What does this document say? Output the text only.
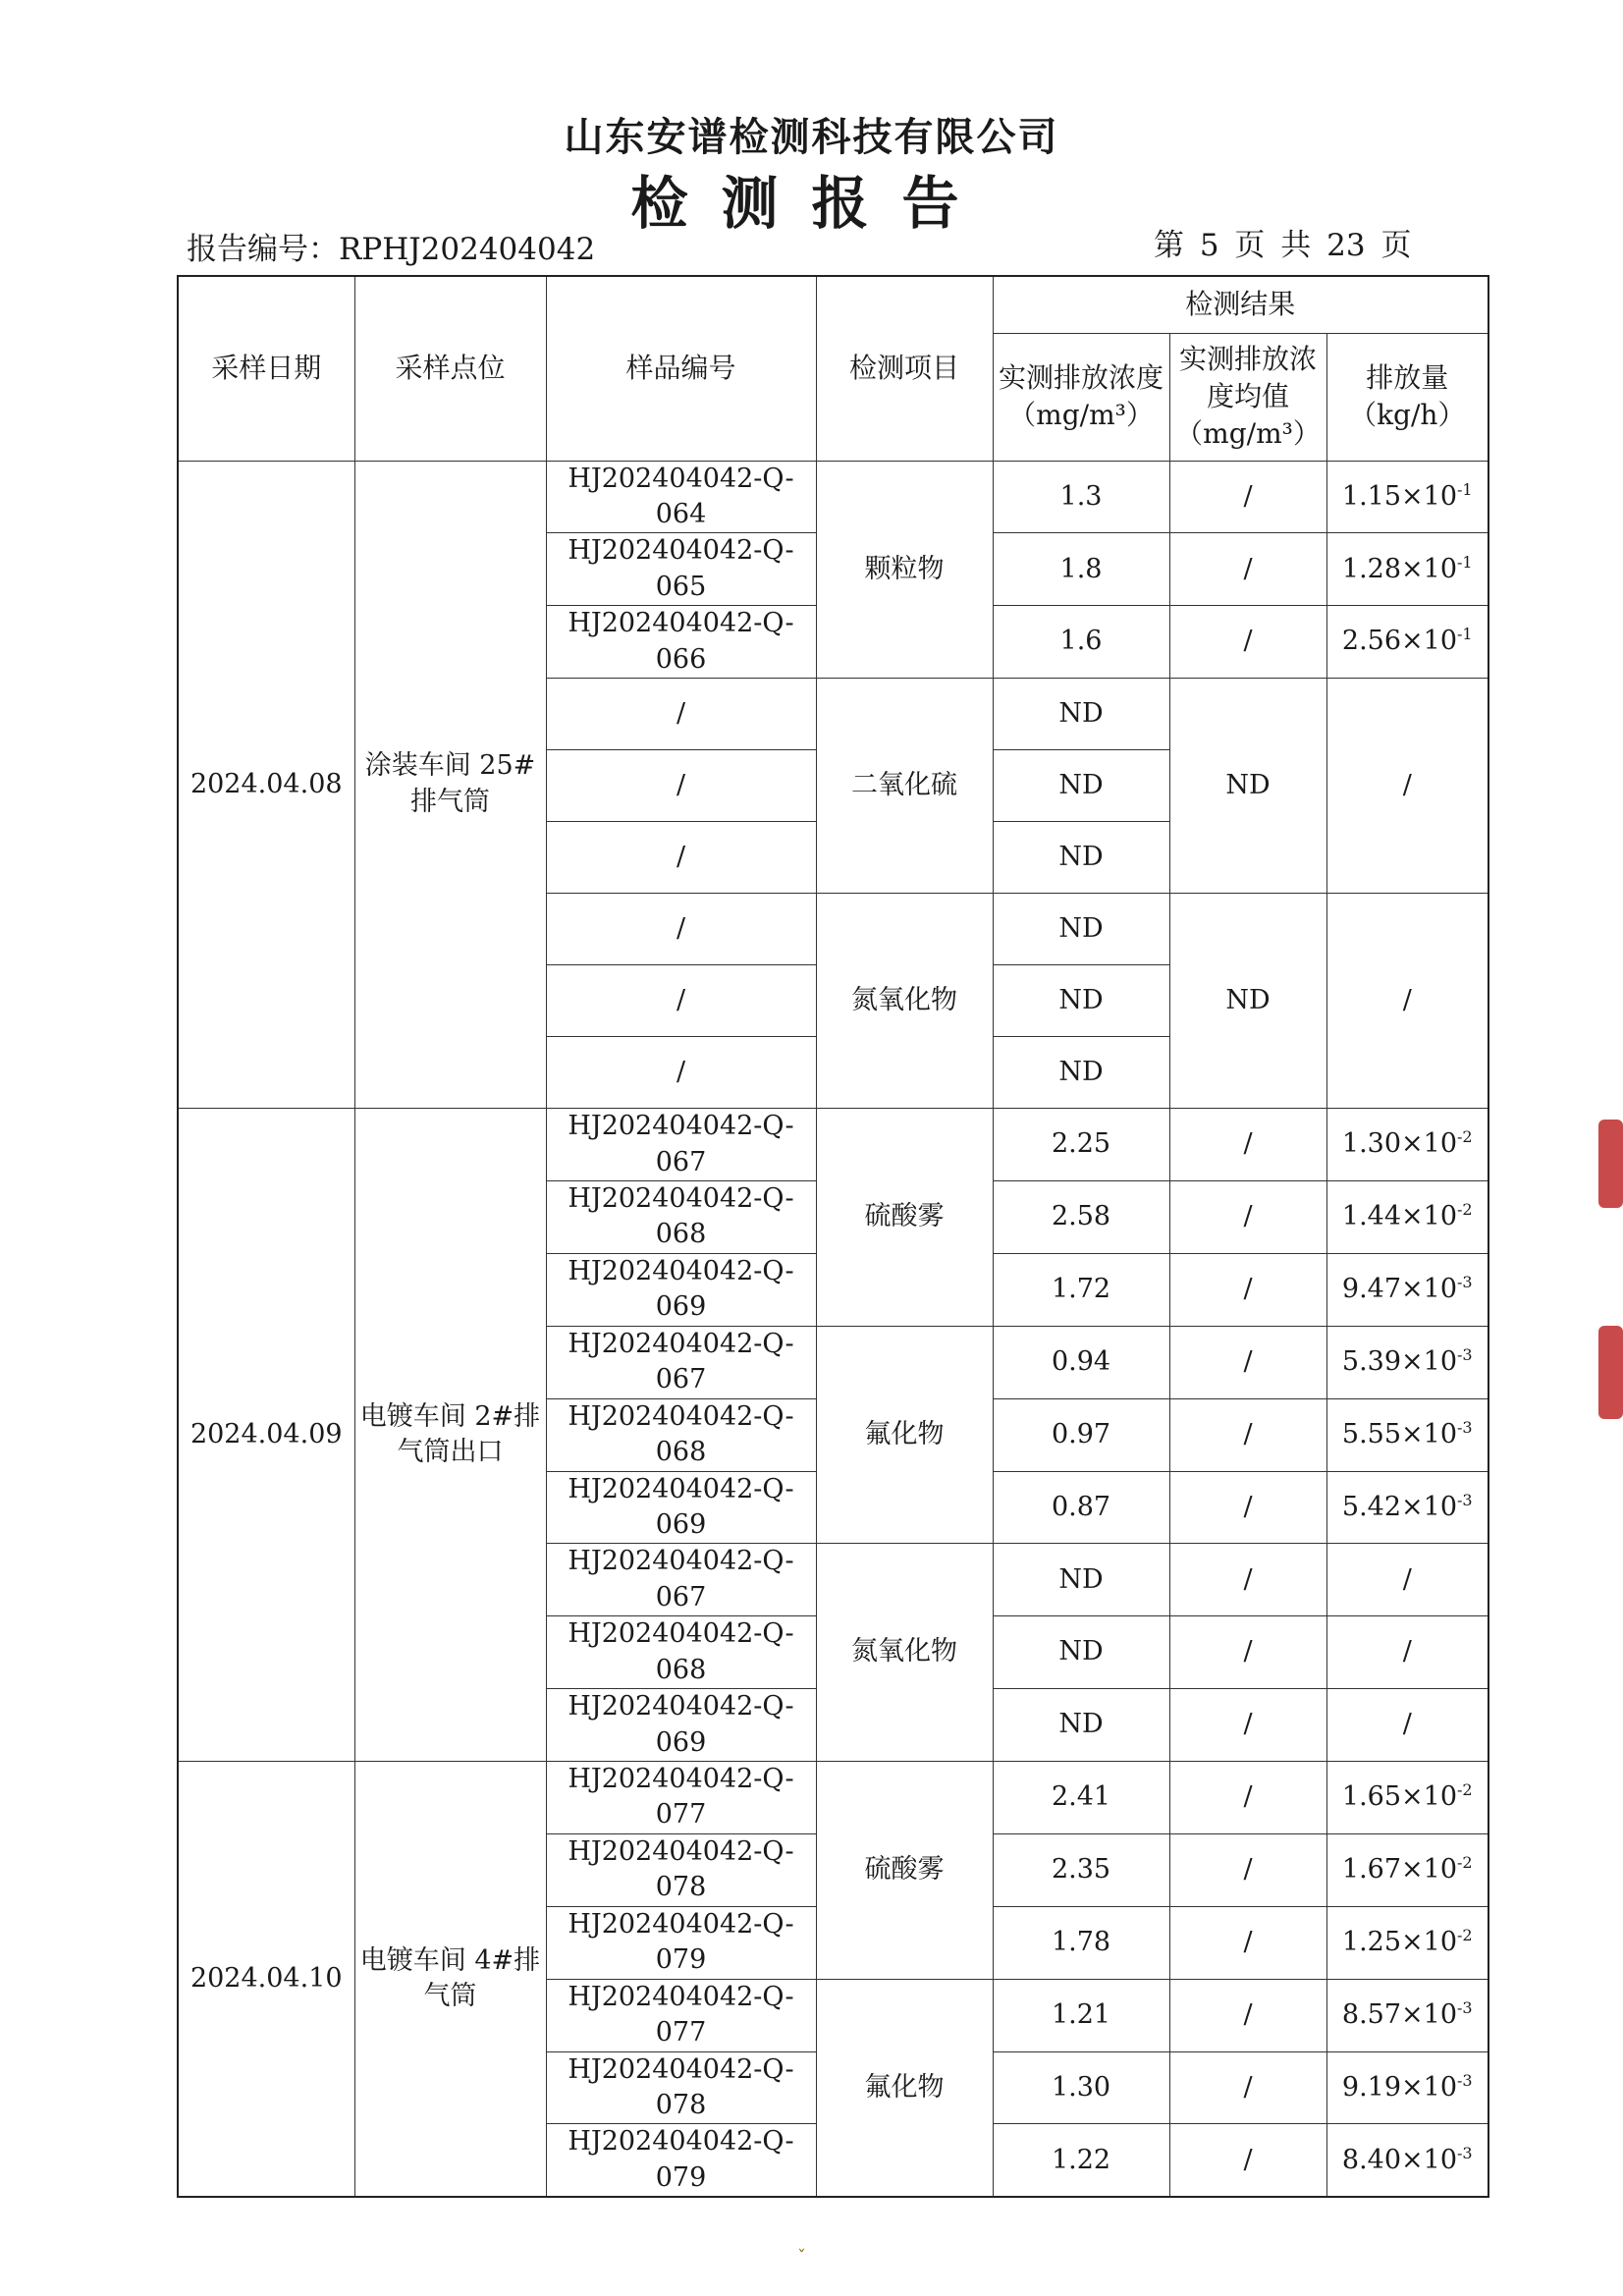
山东安谱检测科技有限公司
检测报告
报告编号：RPHJ202404042	第 5 页 共 23 页
采样日期	采样点位	样品编号	检测项目	检测结果		
				实测排放浓度（mg/m³）	实测排放浓度均值（mg/m³）	排放量（kg/h）
2024.04.08	涂装车间 25#排气筒	HJ202404042-Q-064	颗粒物	1.3	/	$1.15\times 10^{-1}$
		HJ202404042-Q-065		1.8	/	$1.28\times 10^{-1}$
		HJ202404042-Q-066		1.6	/	$2.56\times 10^{-1}$
		/	二氧化硫	ND	ND	/
		/		ND		
		/		ND		
		/	氮氧化物	ND	ND	/
		/		ND		
		/		ND		
2024.04.09	电镀车间 2#排气筒出口	HJ202404042-Q-067	硫酸雾	2.25	/	$1.30\times 10^{-2}$
		HJ202404042-Q-068		2.58	/	$1.44\times 10^{-2}$
		HJ202404042-Q-069		1.72	/	$9.47\times 10^{-3}$
		HJ202404042-Q-067	氟化物	0.94	/	$5.39\times 10^{-3}$
		HJ202404042-Q-068		0.97	/	$5.55\times 10^{-3}$
		HJ202404042-Q-069		0.87	/	$5.42\times 10^{-3}$
		HJ202404042-Q-067	氮氧化物	ND	/	/
		HJ202404042-Q-068		ND	/	/
		HJ202404042-Q-069		ND	/	/
2024.04.10	电镀车间 4#排气筒	HJ202404042-Q-077	硫酸雾	2.41	/	$1.65\times 10^{-2}$
		HJ202404042-Q-078		2.35	/	$1.67\times 10^{-2}$
		HJ202404042-Q-079		1.78	/	$1.25\times 10^{-2}$
		HJ202404042-Q-077	氟化物	1.21	/	$8.57\times 10^{-3}$
		HJ202404042-Q-078		1.30	/	$9.19\times 10^{-3}$
		HJ202404042-Q-079		1.22	/	$8.40\times 10^{-3}$
ˇ
